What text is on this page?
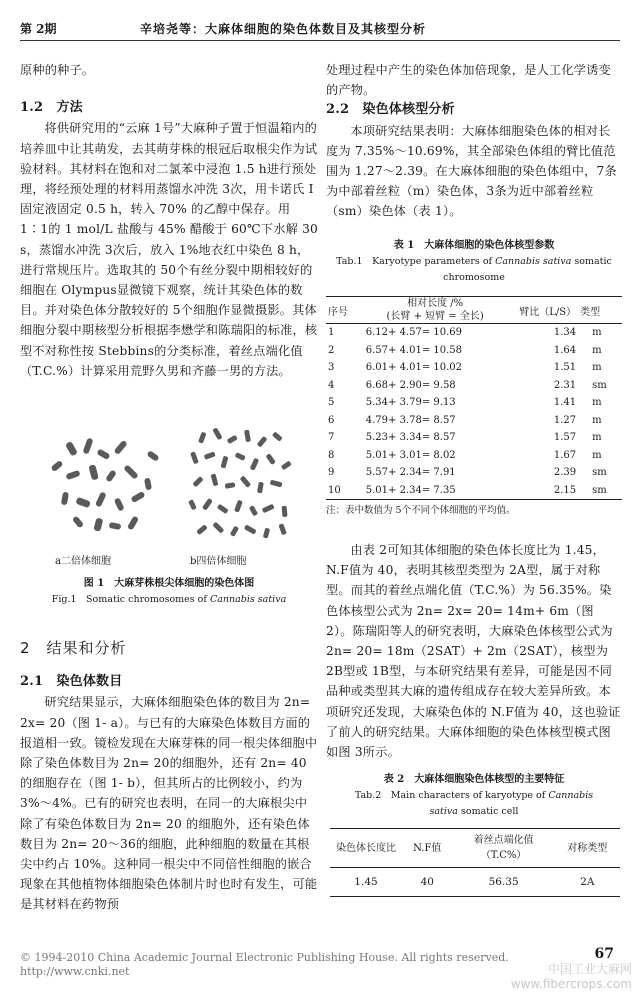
第 2期	辛培尧等：大麻体细胞的染色体数目及其核型分析

原种的种子。

1.2　方法

将供研究用的“云麻 1号”大麻种子置于恒温箱内的培养皿中让其萌发，去其萌芽株的根冠后取根尖作为试验材料。其材料在饱和对二氯苯中浸泡 1.5 h进行预处理，将经预处理的材料用蒸馏水冲洗 3次，用卡诺氏 Ⅰ固定液固定 0.5 h，转入 70% 的乙醇中保存。用 1∶1的 1 mol/L 盐酸与 45% 醋酸于 60℃下水解 30 s，蒸馏水冲洗 3次后，放入 1%地衣红中染色 8 h，进行常规压片。选取其的 50个有丝分裂中期相较好的细胞在 Olympus显微镜下观察，统计其染色体的数目。并对染色体分散较好的 5个细胞作显微摄影。其体细胞分裂中期核型分析根据李懋学和陈瑞阳的标准，核型不对称性按 Stebbins的分类标准，着丝点端化值（T.C.%）计算采用荒野久男和齐藤一男的方法。

a二倍体细胞	b四倍体细胞
图 1　大麻芽株根尖体细胞的染色体图
Fig.1　Somatic chromosomes of Cannabis sativa
2　结果和分析
2.1　染色体数目

研究结果显示，大麻体细胞染色体的数目为 2n= 2x= 20（图 1- a）。与已有的大麻染色体数目方面的报道相一致。镜检发现在大麻芽株的同一根尖体细胞中除了染色体数目为 2n= 20的细胞外，还有 2n= 40的细胞存在（图 1- b），但其所占的比例较小，约为 3%～4%。已有的研究也表明，在同一的大麻根尖中除了有染色体数目为 2n= 20 的细胞外，还有染色体数目为 2n= 20～36的细胞，此种细胞的数量在其根尖中约占 10%。这种同一根尖中不同倍性细胞的嵌合现象在其他植物体细胞染色体制片时也时有发生，可能是其材料在药物预

处理过程中产生的染色体加倍现象，是人工化学诱变的产物。

2.2　染色体核型分析

本项研究结果表明：大麻体细胞染色体的相对长度为 7.35%～10.69%，其全部染色体组的臂比值范围为 1.27～2.39。在大麻体细胞的染色体组中，7条为中部着丝粒（m）染色体，3条为近中部着丝粒（sm）染色体（表 1）。

表 1　大麻体细胞的染色体核型参数
Tab.1　Karyotype parameters of Cannabis sativa somatic chromosome
序号	相对长度 /%
(长臂 + 短臂 = 全长)	臂比（L/S）	类型
1	6.12+ 4.57= 10.69	1.34	m
2	6.57+ 4.01= 10.58	1.64	m
3	6.01+ 4.01= 10.02	1.51	m
4	6.68+ 2.90= 9.58	2.31	sm
5	5.34+ 3.79= 9.13	1.41	m
6	4.79+ 3.78= 8.57	1.27	m
7	5.23+ 3.34= 8.57	1.57	m
8	5.01+ 3.01= 8.02	1.67	m
9	5.57+ 2.34= 7.91	2.39	sm
10	5.01+ 2.34= 7.35	2.15	sm
注：表中数值为 5个不同个体细胞的平均值。

由表 2可知其体细胞的染色体长度比为 1.45，N.F值为 40，表明其核型类型为 2A型，属于对称型。而其的着丝点端化值（T.C.%）为 56.35%。染色体核型公式为 2n= 2x= 20= 14m+ 6m（图 2）。陈瑞阳等人的研究表明，大麻染色体核型公式为 2n= 20= 18m（2SAT）+ 2m（2SAT），核型为 2B型或 1B型，与本研究结果有差异，可能是因不同品种或类型其大麻的遗传组成存在较大差异所致。本项研究还发现，大麻染色体的 N.F值为 40，这也验证了前人的研究结果。大麻体细胞的染色体核型模式图如图 3所示。

表 2　大麻体细胞染色体核型的主要特征
Tab.2　Main characters of karyotype of Cannabis
sativa somatic cell
染色体长度比	N.F值	着丝点端化值（T.C%）	对称类型
1.45	40	56.35	2A
67
© 1994-2010 China Academic Journal Electronic Publishing House. All rights reserved.　http://www.cnki.net	中国工业大麻网
www.fibercrops.com
